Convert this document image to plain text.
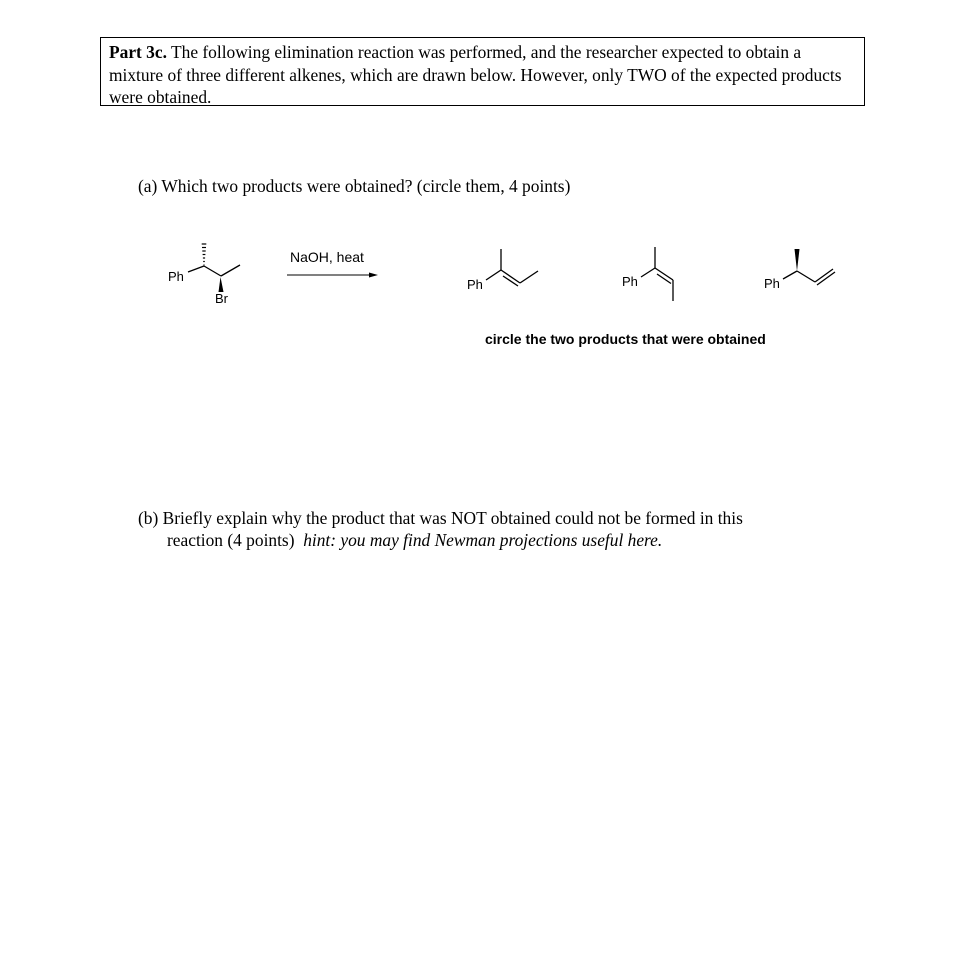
Part 3c. The following elimination reaction was performed, and the researcher expected to obtain a mixture of three different alkenes, which are drawn below. However, only TWO of the expected products were obtained.
(a) Which two products were obtained? (circle them, 4 points)
Ph
Br
NaOH, heat
Ph	Ph	Ph
circle the two products that were obtained
(b) Briefly explain why the product that was NOT obtained could not be formed in this
reaction (4 points) hint: you may find Newman projections useful here.
